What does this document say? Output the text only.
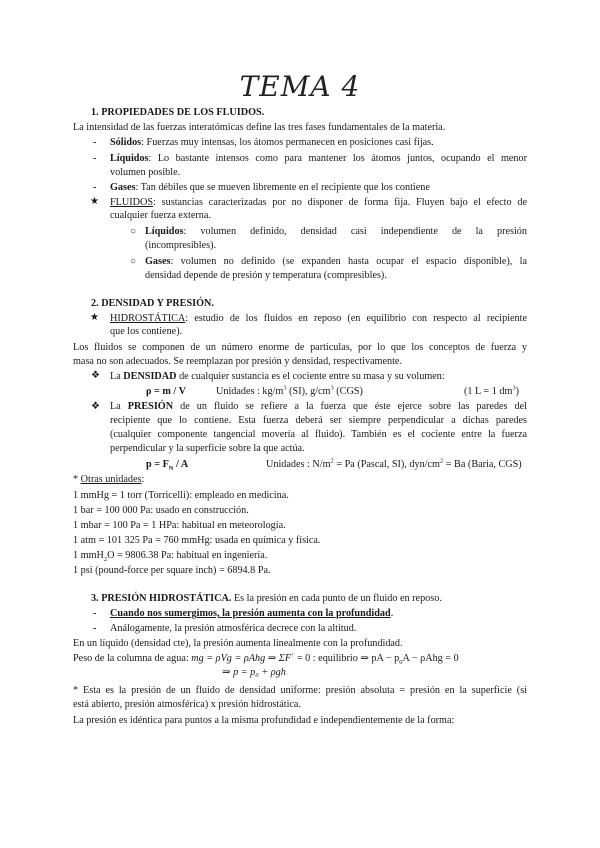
TEMA 4
1. PROPIEDADES DE LOS FLUIDOS.
La intensidad de las fuerzas interatómicas define las tres fases fundamentales de la materia.
- Sólidos: Fuerzas muy intensas, los átomos permanecen en posiciones casi fijas.
- Líquidos: Lo bastante intensos como para mantener los átomos juntos, ocupando el menor
volumen posible.
- Gases: Tan débiles que se mueven libremente en el recipiente que los contiene
★ FLUIDOS: sustancias caracterizadas por no disponer de forma fija. Fluyen bajo el efecto de
cualquier fuerza externa.
○ Líquidos: volumen definido, densidad casi independiente de la presión
(incompresibles).
○ Gases: volumen no definido (se expanden hasta ocupar el espacio disponible), la
densidad depende de presión y temperatura (compresibles).
2. DENSIDAD Y PRESIÓN.
★ HIDROSTÁTICA: estudio de los fluidos en reposo (en equilibrio con respecto al recipiente
que los contiene).
Los fluidos se componen de un número enorme de partículas, por lo que los conceptos de fuerza y
masa no son adecuados. Se reemplazan por presión y densidad, respectivamente.
❖ La DENSIDAD de cualquier sustancia es el cociente entre su masa y su volumen:
ρ = m / V	Unidades : $kg/m^3$ (SI), $g/cm^3$ (CGS)	(1 L = 1 $dm^3$)
❖ La PRESIÓN de un fluido se refiere a la fuerza que éste ejerce sobre las paredes del
recipiente que lo contiene. Esta fuerza deberá ser siempre perpendicular a dichas paredes
(cualquier componente tangencial movería al fluido). También es el cociente entre la fuerza
perpendicular y la superficie sobre la que actúa.
$p = F_N / A$	Unidades : $N/m^2 = Pa$ (Pascal, SI), dyn/$cm^2 = Ba$ (Baria, CGS)
* Otras unidades:
1 mmHg = 1 torr (Torricelli): empleado en medicina.
1 bar = 100 000 Pa: usado en construcción.
1 mbar = 100 Pa = 1 HPa: habitual en meteorología.
1 atm = 101 325 Pa = 760 mmHg: usada en química y física.
1 mmH$_2$O = 9806.38 Pa: habitual en ingeniería.
1 psi (pound-force per square inch) = 6894.8 Pa.
3. PRESIÓN HIDROSTÁTICA. Es la presión en cada punto de un fluido en reposo.
- Cuando nos sumergimos, la presión aumenta con la profundidad.
- Análogamente, la presión atmosférica decrece con la altitud.
En un líquido (densidad cte), la presión aumenta linealmente con la profundidad.
Peso de la columna de agua: mg = ρVg = ρAhg ⇒ ΣF↑ = 0 : equilibrio ⇒ pA − $p_0A - \rho Ahg = 0$
⇒ p = p₀ + ρgh
* Esta es la presión de un fluido de densidad uniforme: presión absoluta = presión en la superficie (si
está abierto, presión atmosférica) x presión hidrostática.
La presión es idéntica para puntos a la misma profundidad e independientemente de la forma:
